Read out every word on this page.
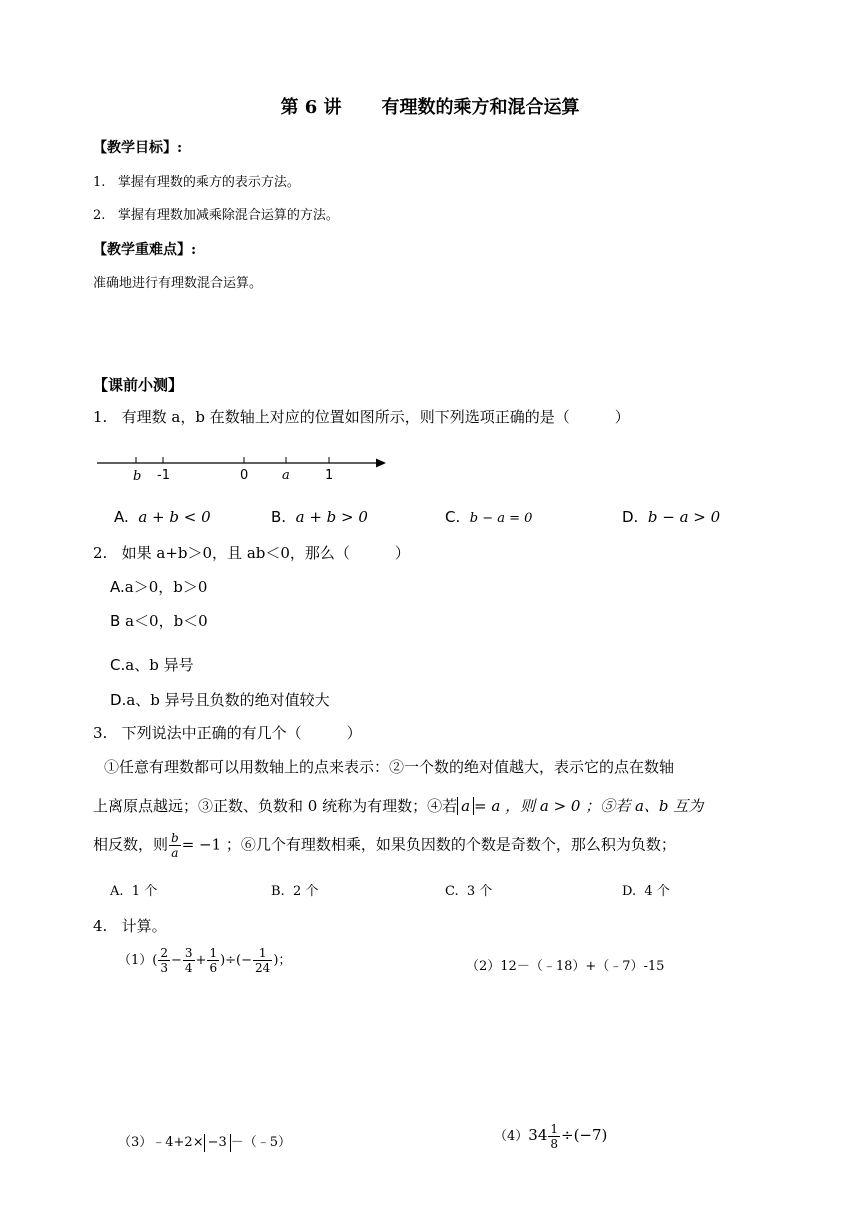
第 6 讲 有理数的乘方和混合运算
【教学目标】:
1. 掌握有理数的乘方的表示方法。
2. 掌握有理数加减乘除混合运算的方法。
【教学重难点】:
准确地进行有理数混合运算。
【课前小测】
1. 有理数 a，b 在数轴上对应的位置如图所示，则下列选项正确的是（　　　）
b -1	0	a	1
A. a + b < 0	B. a + b > 0	C. b − a = 0	D. b − a > 0
2. 如果 a+b＞0，且 ab＜0，那么（　　　）
A.a＞0，b＞0
B a＜0，b＜0
C.a、b 异号
D.a、b 异号且负数的绝对值较大
3. 下列说法中正确的有几个（　　　）
①任意有理数都可以用数轴上的点来表示：②一个数的绝对值越大，表示它的点在数轴
上离原点越远；③正数、负数和 0 统称为有理数；④若 a = a ，则 a > 0 ；⑤若 a、b 互为
相反数，则 $\frac{b}{a} = -1$ ；⑥几个有理数相乘，如果负因数的个数是奇数个，那么积为负数；
A. 1 个	B. 2 个	C. 3 个	D. 4 个
4. 计算。
$(1)( \frac{2}{3} - \frac{3}{4} + \frac{1}{6}$ )÷(− $\frac{1}{24}$ )；	（2）12－（﹣18）+（﹣7）-15
（3）﹣4+2× −3 －（﹣5）	$(4)34 \frac{1}{8} \div(-7)$
